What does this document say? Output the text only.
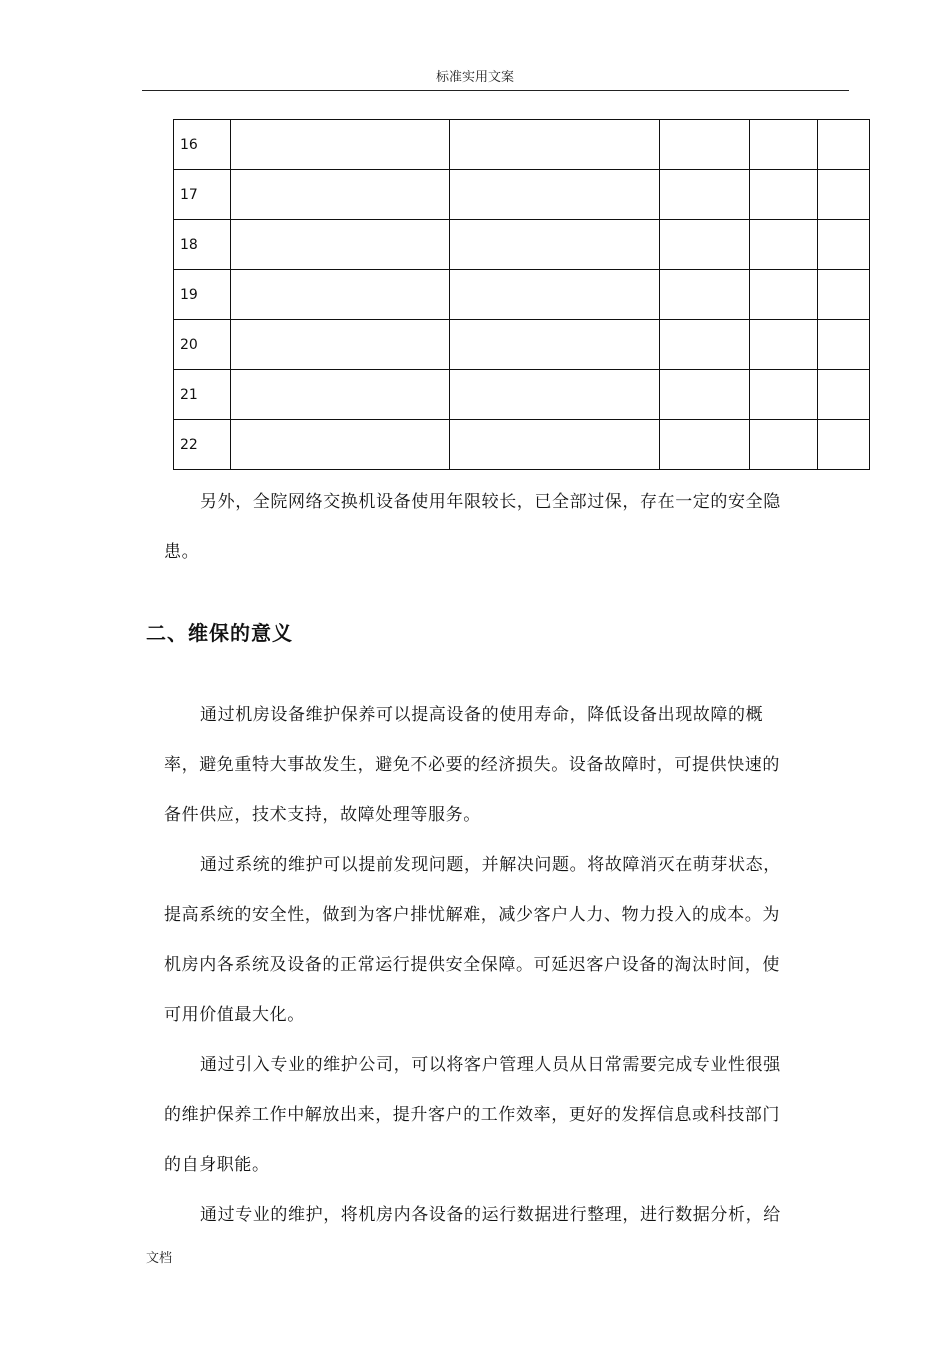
标准实用文案
16					
17					
18					
19					
20					
21					
22					

另外，全院网络交换机设备使用年限较长，已全部过保，存在一定的安全隐患。

二、维保的意义

通过机房设备维护保养可以提高设备的使用寿命，降低设备出现故障的概率，避免重特大事故发生，避免不必要的经济损失。设备故障时，可提供快速的备件供应，技术支持，故障处理等服务。

通过系统的维护可以提前发现问题，并解决问题。将故障消灭在萌芽状态，提高系统的安全性，做到为客户排忧解难，减少客户人力、物力投入的成本。为机房内各系统及设备的正常运行提供安全保障。可延迟客户设备的淘汰时间，使可用价值最大化。

通过引入专业的维护公司，可以将客户管理人员从日常需要完成专业性很强的维护保养工作中解放出来，提升客户的工作效率，更好的发挥信息或科技部门的自身职能。

通过专业的维护，将机房内各设备的运行数据进行整理，进行数据分析，给

文档
